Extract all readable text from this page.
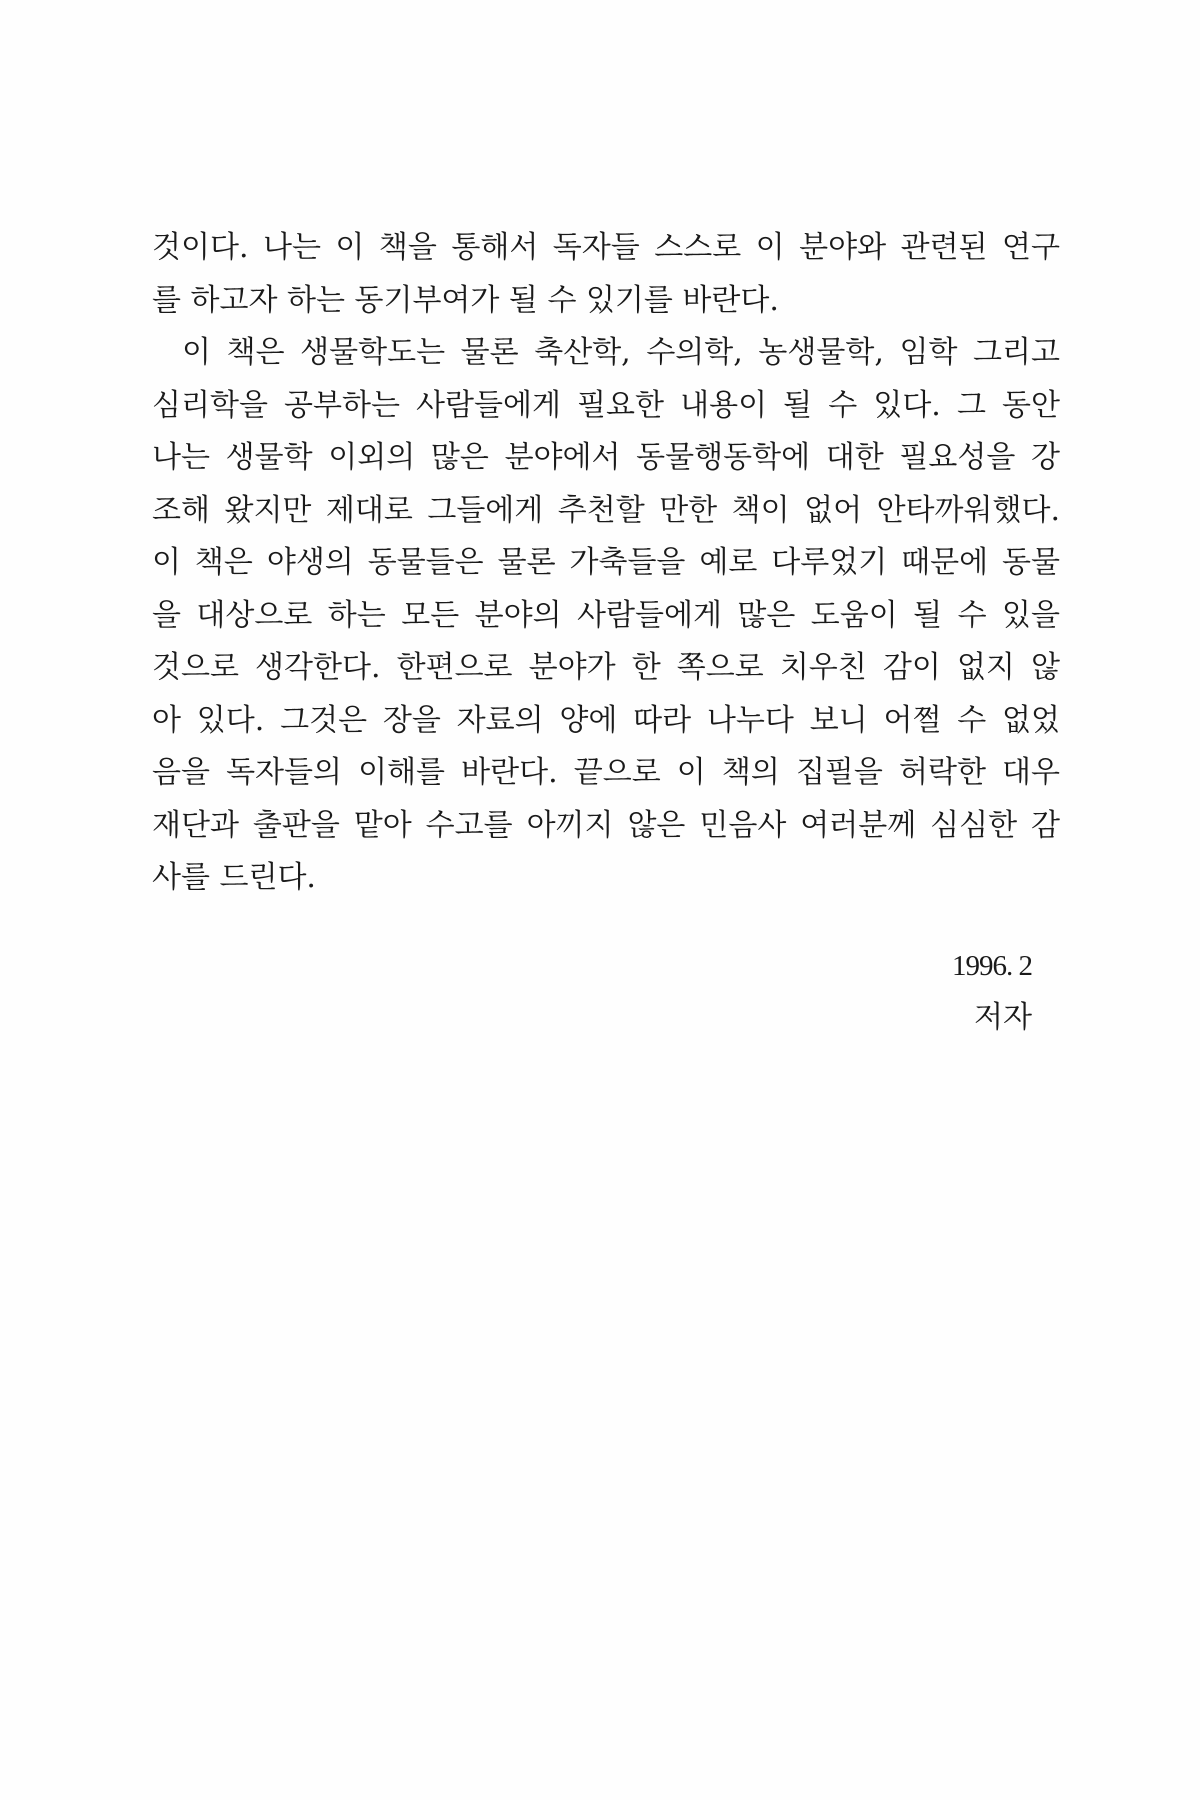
것이다. 나는 이 책을 통해서 독자들 스스로 이 분야와 관련된 연구
를 하고자 하는 동기부여가 될 수 있기를 바란다.
이 책은 생물학도는 물론 축산학, 수의학, 농생물학, 임학 그리고
심리학을 공부하는 사람들에게 필요한 내용이 될 수 있다. 그 동안
나는 생물학 이외의 많은 분야에서 동물행동학에 대한 필요성을 강
조해 왔지만 제대로 그들에게 추천할 만한 책이 없어 안타까워했다.
이 책은 야생의 동물들은 물론 가축들을 예로 다루었기 때문에 동물
을 대상으로 하는 모든 분야의 사람들에게 많은 도움이 될 수 있을
것으로 생각한다. 한편으로 분야가 한 쪽으로 치우친 감이 없지 않
아 있다. 그것은 장을 자료의 양에 따라 나누다 보니 어쩔 수 없었
음을 독자들의 이해를 바란다. 끝으로 이 책의 집필을 허락한 대우
재단과 출판을 맡아 수고를 아끼지 않은 민음사 여러분께 심심한 감
사를 드린다.
1996. 2
저자
